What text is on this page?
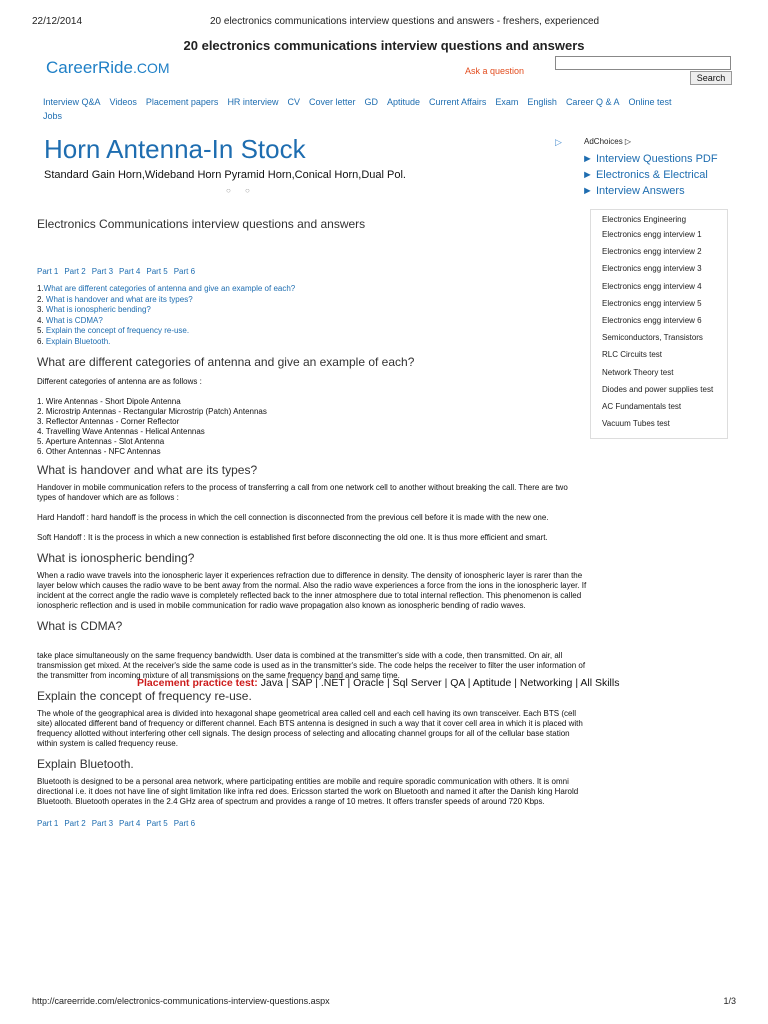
22/12/2014	20 electronics communications interview questions and answers - freshers, experienced
20 electronics communications interview questions and answers
CareerRide.COM	Ask a question
Search
Interview Q&A Videos Placement papers HR interview CV Cover letter GD Aptitude Current Affairs Exam English Career Q & A Online test
Jobs
Horn Antenna-In Stock
Standard Gain Horn,Wideband Horn Pyramid Horn,Conical Horn,Dual Pol.
○ ○
▷	AdChoices ▷
► Interview Questions PDF
► Electronics & Electrical
► Interview Answers
Electronics Engineering
Electronics engg interview 1
Electronics engg interview 2
Electronics engg interview 3
Electronics engg interview 4
Electronics engg interview 5
Electronics engg interview 6
Semiconductors, Transistors
RLC Circuits test
Network Theory test
Diodes and power supplies test
AC Fundamentals test
Vacuum Tubes test
Electronics Communications interview questions and answers
Part 1 Part 2 Part 3 Part 4 Part 5 Part 6
1.What are different categories of antenna and give an example of each?
2. What is handover and what are its types?
3. What is ionospheric bending?
4. What is CDMA?
5. Explain the concept of frequency re-use.
6. Explain Bluetooth.
What are different categories of antenna and give an example of each?
Different categories of antenna are as follows :
1. Wire Antennas - Short Dipole Antenna
2. Microstrip Antennas - Rectangular Microstrip (Patch) Antennas
3. Reflector Antennas - Corner Reflector
4. Travelling Wave Antennas - Helical Antennas
5. Aperture Antennas - Slot Antenna
6. Other Antennas - NFC Antennas
What is handover and what are its types?
Handover in mobile communication refers to the process of transferring a call from one network cell to another without breaking the call. There are two types of handover which are as follows :
Hard Handoff : hard handoff is the process in which the cell connection is disconnected from the previous cell before it is made with the new one.
Soft Handoff : It is the process in which a new connection is established first before disconnecting the old one. It is thus more efficient and smart.
What is ionospheric bending?
When a radio wave travels into the ionospheric layer it experiences refraction due to difference in density. The density of ionospheric layer is rarer than the layer below which causes the radio wave to be bent away from the normal. Also the radio wave experiences a force from the ions in the ionospheric layer. If incident at the correct angle the radio wave is completely reflected back to the inner atmosphere due to total internal reflection. This phenomenon is called ionospheric reflection and is used in mobile communication for radio wave propagation also known as ionospheric bending of radio waves.
What is CDMA?
take place simultaneously on the same frequency bandwidth. User data is combined at the transmitter's side with a code, then transmitted. On air, all transmission get mixed. At the receiver's side the same code is used as in the transmitter's side. The code helps the receiver to filter the user information of the transmitter from incoming mixture of all transmissions on the same frequency band and same time.
Explain the concept of frequency re-use.
The whole of the geographical area is divided into hexagonal shape geometrical area called cell and each cell having its own transceiver. Each BTS (cell site) allocated different band of frequency or different channel. Each BTS antenna is designed in such a way that it cover cell area in which it is placed with frequency allotted without interfering other cell signals. The design process of selecting and allocating channel groups for all of the cellular base station within system is called frequency reuse.
Explain Bluetooth.
Bluetooth is designed to be a personal area network, where participating entities are mobile and require sporadic communication with others. It is omni directional i.e. it does not have line of sight limitation like infra red does. Ericsson started the work on Bluetooth and named it after the Danish king Harold Bluetooth. Bluetooth operates in the 2.4 GHz area of spectrum and provides a range of 10 metres. It offers transfer speeds of around 720 Kbps.
Part 1 Part 2 Part 3 Part 4 Part 5 Part 6
Placement practice test: Java | SAP | .NET | Oracle | Sql Server | QA | Aptitude | Networking | All Skills
http://careerride.com/electronics-communications-interview-questions.aspx	1/3
